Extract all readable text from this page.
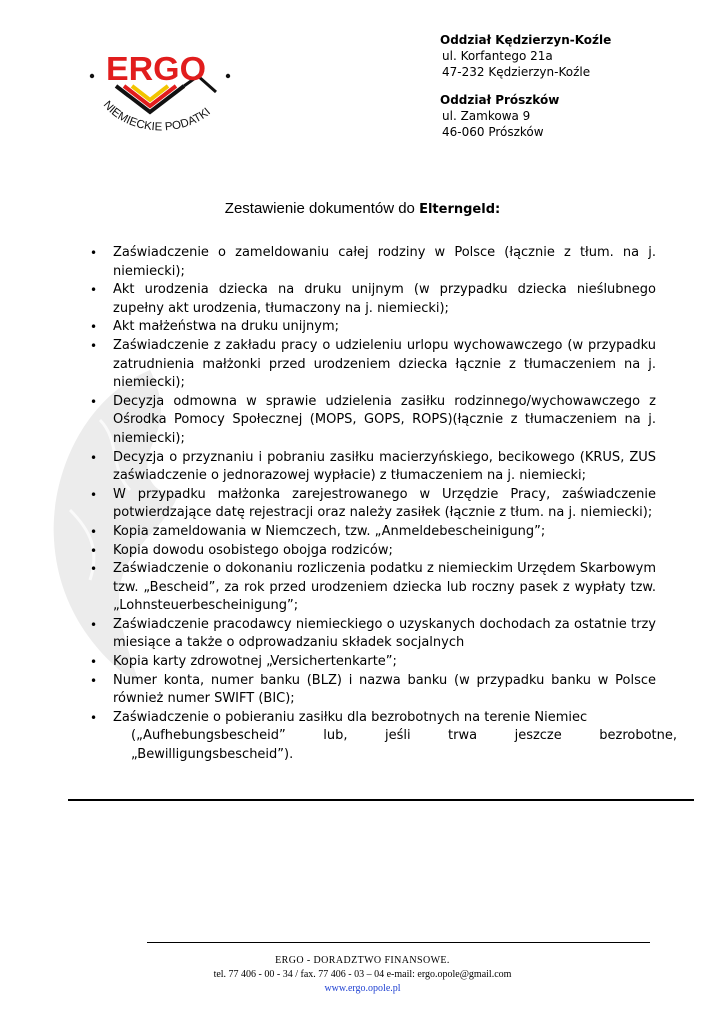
NIEMIECKIE PODATKI
ERGO
Oddział Kędzierzyn-Koźle
ul. Korfantego 21a
47-232 Kędzierzyn-Koźle
Oddział Prószków
ul. Zamkowa 9
46-060 Prószków
Zestawienie dokumentów do Elterngeld:
• Zaświadczenie o zameldowaniu całej rodziny w Polsce (łącznie z tłum. na j. niemiecki);
• Akt urodzenia dziecka na druku unijnym (w przypadku dziecka nieślubnego zupełny akt urodzenia, tłumaczony na j. niemiecki);
• Akt małżeństwa na druku unijnym;
• Zaświadczenie z zakładu pracy o udzieleniu urlopu wychowawczego (w przypadku zatrudnienia małżonki przed urodzeniem dziecka łącznie z tłumaczeniem na j. niemiecki);
• Decyzja odmowna w sprawie udzielenia zasiłku rodzinnego/wychowawczego z Ośrodka Pomocy Społecznej (MOPS, GOPS, ROPS)(łącznie z tłumaczeniem na j. niemiecki);
• Decyzja o przyznaniu i pobraniu zasiłku macierzyńskiego, becikowego (KRUS, ZUS zaświadczenie o jednorazowej wypłacie) z tłumaczeniem na j. niemiecki;
• W przypadku małżonka zarejestrowanego w Urzędzie Pracy, zaświadczenie potwierdzające datę rejestracji oraz należy zasiłek (łącznie z tłum. na j. niemiecki);
• Kopia zameldowania w Niemczech, tzw. „Anmeldebescheinigung”;
• Kopia dowodu osobistego obojga rodziców;
• Zaświadczenie o dokonaniu rozliczenia podatku z niemieckim Urzędem Skarbowym tzw. „Bescheid”, za rok przed urodzeniem dziecka lub roczny pasek z wypłaty tzw. „Lohnsteuerbescheinigung”;
• Zaświadczenie pracodawcy niemieckiego o uzyskanych dochodach za ostatnie trzy miesiące a także o odprowadzaniu składek socjalnych
• Kopia karty zdrowotnej „Versichertenkarte”;
• Numer konta, numer banku (BLZ) i nazwa banku (w przypadku banku w Polsce również numer SWIFT (BIC);
• Zaświadczenie o pobieraniu zasiłku dla bezrobotnych na terenie Niemiec
(„Aufhebungsbescheid” lub, jeśli trwa jeszcze bezrobotne,
„Bewilligungsbescheid”).
ERGO - DORADZTWO FINANSOWE.
tel. 77 406 - 00 - 34 / fax. 77 406 - 03 – 04 e-mail: ergo.opole@gmail.com
www.ergo.opole.pl
